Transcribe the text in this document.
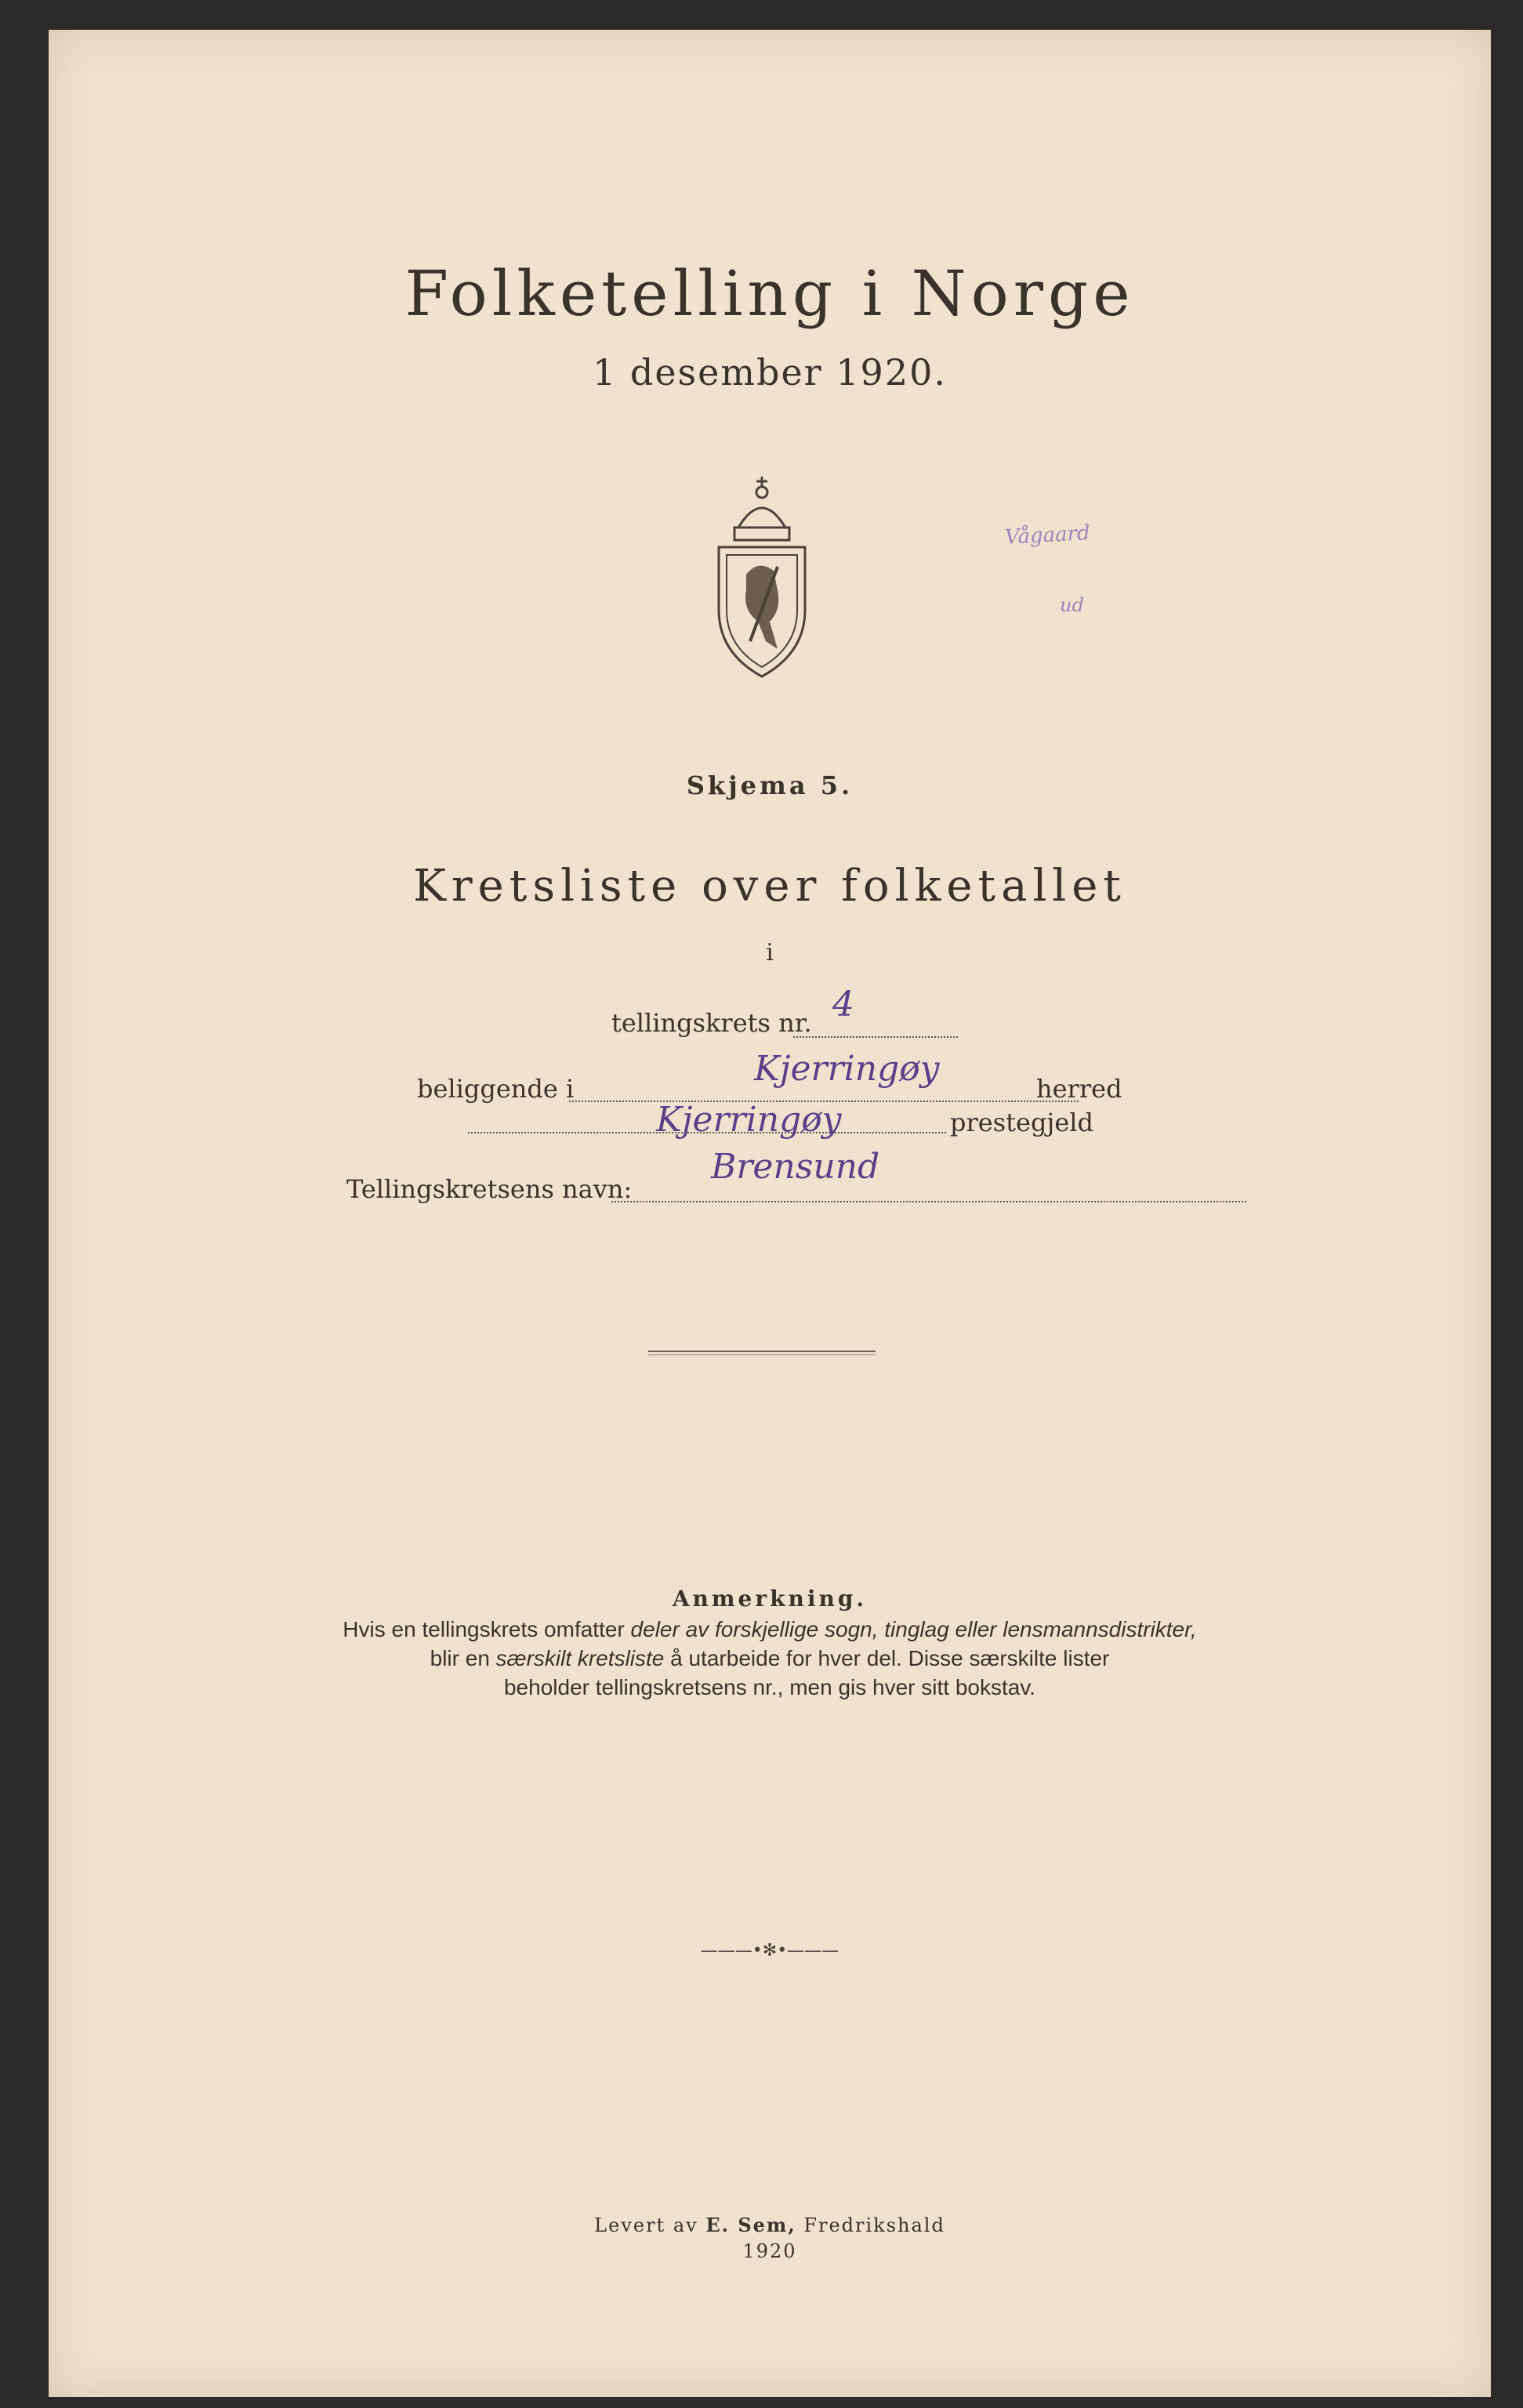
Folketelling i Norge
1 desember 1920.
Vågaard
ud
Skjema 5.
Kretsliste over folketallet
i
tellingskrets nr. 4
beliggende i	Kjerringøy	herred
Kjerringøy	prestegjeld
Tellingskretsens navn:
Brensund
Anmerkning.
Hvis en tellingskrets omfatter deler av forskjellige sogn, tinglag eller lensmannsdistrikter,
blir en særskilt kretsliste å utarbeide for hver del. Disse særskilte lister
beholder tellingskretsens nr., men gis hver sitt bokstav.
———•✻•———
Levert av E. Sem, Fredrikshald
1920
